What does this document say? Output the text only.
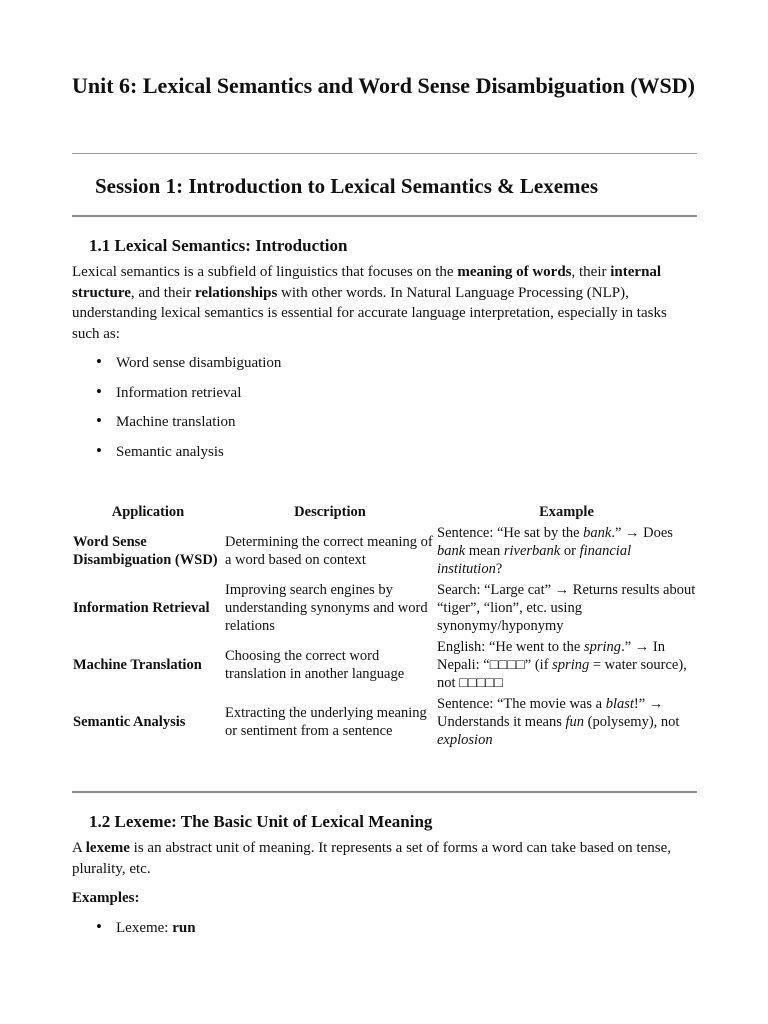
Unit 6: Lexical Semantics and Word Sense Disambiguation (WSD)
Session 1: Introduction to Lexical Semantics & Lexemes
1.1 Lexical Semantics: Introduction

Lexical semantics is a subfield of linguistics that focuses on the meaning of words, their internal structure, and their relationships with other words. In Natural Language Processing (NLP), understanding lexical semantics is essential for accurate language interpretation, especially in tasks such as:

• Word sense disambiguation
• Information retrieval
• Machine translation
• Semantic analysis
Application	Description	Example
Word Sense Disambiguation (WSD)	Determining the correct meaning of a word based on context	Sentence: “He sat by the bank.” → Does bank mean riverbank or financial institution?
Information Retrieval	Improving search engines by understanding synonyms and word relations	Search: “Large cat” → Returns results about “tiger”, “lion”, etc. using synonymy/hyponymy
Machine Translation	Choosing the correct word translation in another language	English: “He went to the spring.” → In Nepali: “□□□□” (if spring = water source), not □□□□□
Semantic Analysis	Extracting the underlying meaning or sentiment from a sentence	Sentence: “The movie was a blast!” → Understands it means fun (polysemy), not explosion
1.2 Lexeme: The Basic Unit of Lexical Meaning

A lexeme is an abstract unit of meaning. It represents a set of forms a word can take based on tense, plurality, etc.

Examples:

• Lexeme: run
